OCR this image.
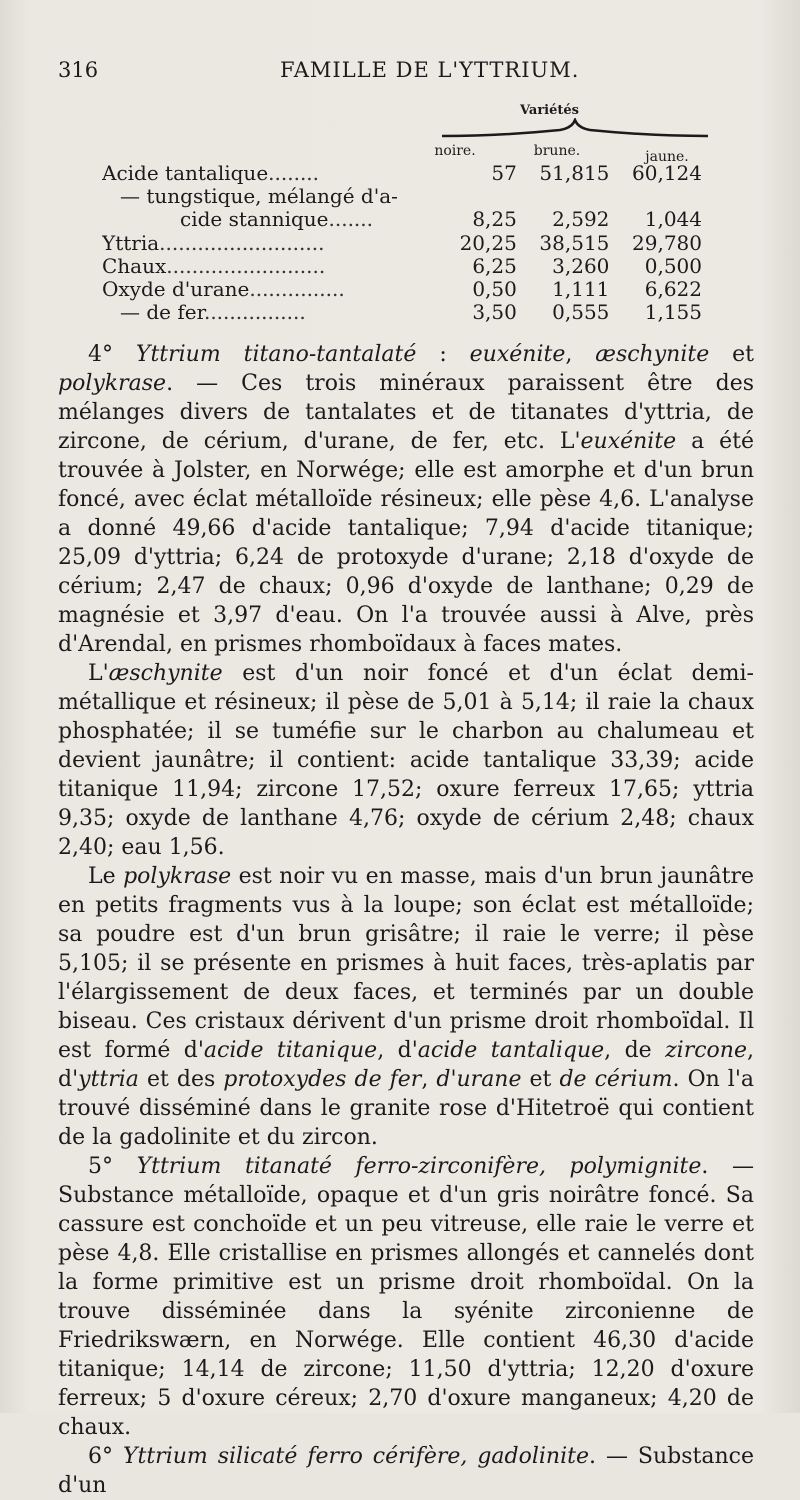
316	FAMILLE DE L'YTTRIUM.
Variétés
noire.	brune.	jaune.
Acide tantalique........	57	51,815	60,124
— tungstique, mélangé d'a-			
cide stannique.......	8,25	2,592	1,044
Yttria..........................	20,25	38,515	29,780
Chaux.........................	6,25	3,260	0,500
Oxyde d'urane...............	0,50	1,111	6,622
— de fer................	3,50	0,555	1,155

4° Yttrium titano-tantalaté : euxénite, æschynite et polykrase. — Ces trois minéraux paraissent être des mélanges divers de tantalates et de titanates d'yttria, de zircone, de cérium, d'urane, de fer, etc. L'euxénite a été trouvée à Jolster, en Norwége; elle est amorphe et d'un brun foncé, avec éclat métalloïde résineux; elle pèse 4,6. L'analyse a donné 49,66 d'acide tantalique; 7,94 d'acide titanique; 25,09 d'yttria; 6,24 de protoxyde d'urane; 2,18 d'oxyde de cérium; 2,47 de chaux; 0,96 d'oxyde de lanthane; 0,29 de magnésie et 3,97 d'eau. On l'a trouvée aussi à Alve, près d'Arendal, en prismes rhomboïdaux à faces mates.

L'æschynite est d'un noir foncé et d'un éclat demi-métallique et résineux; il pèse de 5,01 à 5,14; il raie la chaux phosphatée; il se tuméfie sur le charbon au chalumeau et devient jaunâtre; il contient: acide tantalique 33,39; acide titanique 11,94; zircone 17,52; oxure ferreux 17,65; yttria 9,35; oxyde de lanthane 4,76; oxyde de cérium 2,48; chaux 2,40; eau 1,56.

Le polykrase est noir vu en masse, mais d'un brun jaunâtre en petits fragments vus à la loupe; son éclat est métalloïde; sa poudre est d'un brun grisâtre; il raie le verre; il pèse 5,105; il se présente en prismes à huit faces, très-aplatis par l'élargissement de deux faces, et terminés par un double biseau. Ces cristaux dérivent d'un prisme droit rhomboïdal. Il est formé d'acide titanique, d'acide tantalique, de zircone, d'yttria et des protoxydes de fer, d'urane et de cérium. On l'a trouvé disséminé dans le granite rose d'Hitetroë qui contient de la gadolinite et du zircon.

5° Yttrium titanaté ferro-zirconifère, polymignite. — Substance métalloïde, opaque et d'un gris noirâtre foncé. Sa cassure est conchoïde et un peu vitreuse, elle raie le verre et pèse 4,8. Elle cristallise en prismes allongés et cannelés dont la forme primitive est un prisme droit rhomboïdal. On la trouve disséminée dans la syénite zirconienne de Friedrikswærn, en Norwége. Elle contient 46,30 d'acide titanique; 14,14 de zircone; 11,50 d'yttria; 12,20 d'oxure ferreux; 5 d'oxure céreux; 2,70 d'oxure manganeux; 4,20 de chaux.

6° Yttrium silicaté ferro cérifère, gadolinite. — Substance d'un
